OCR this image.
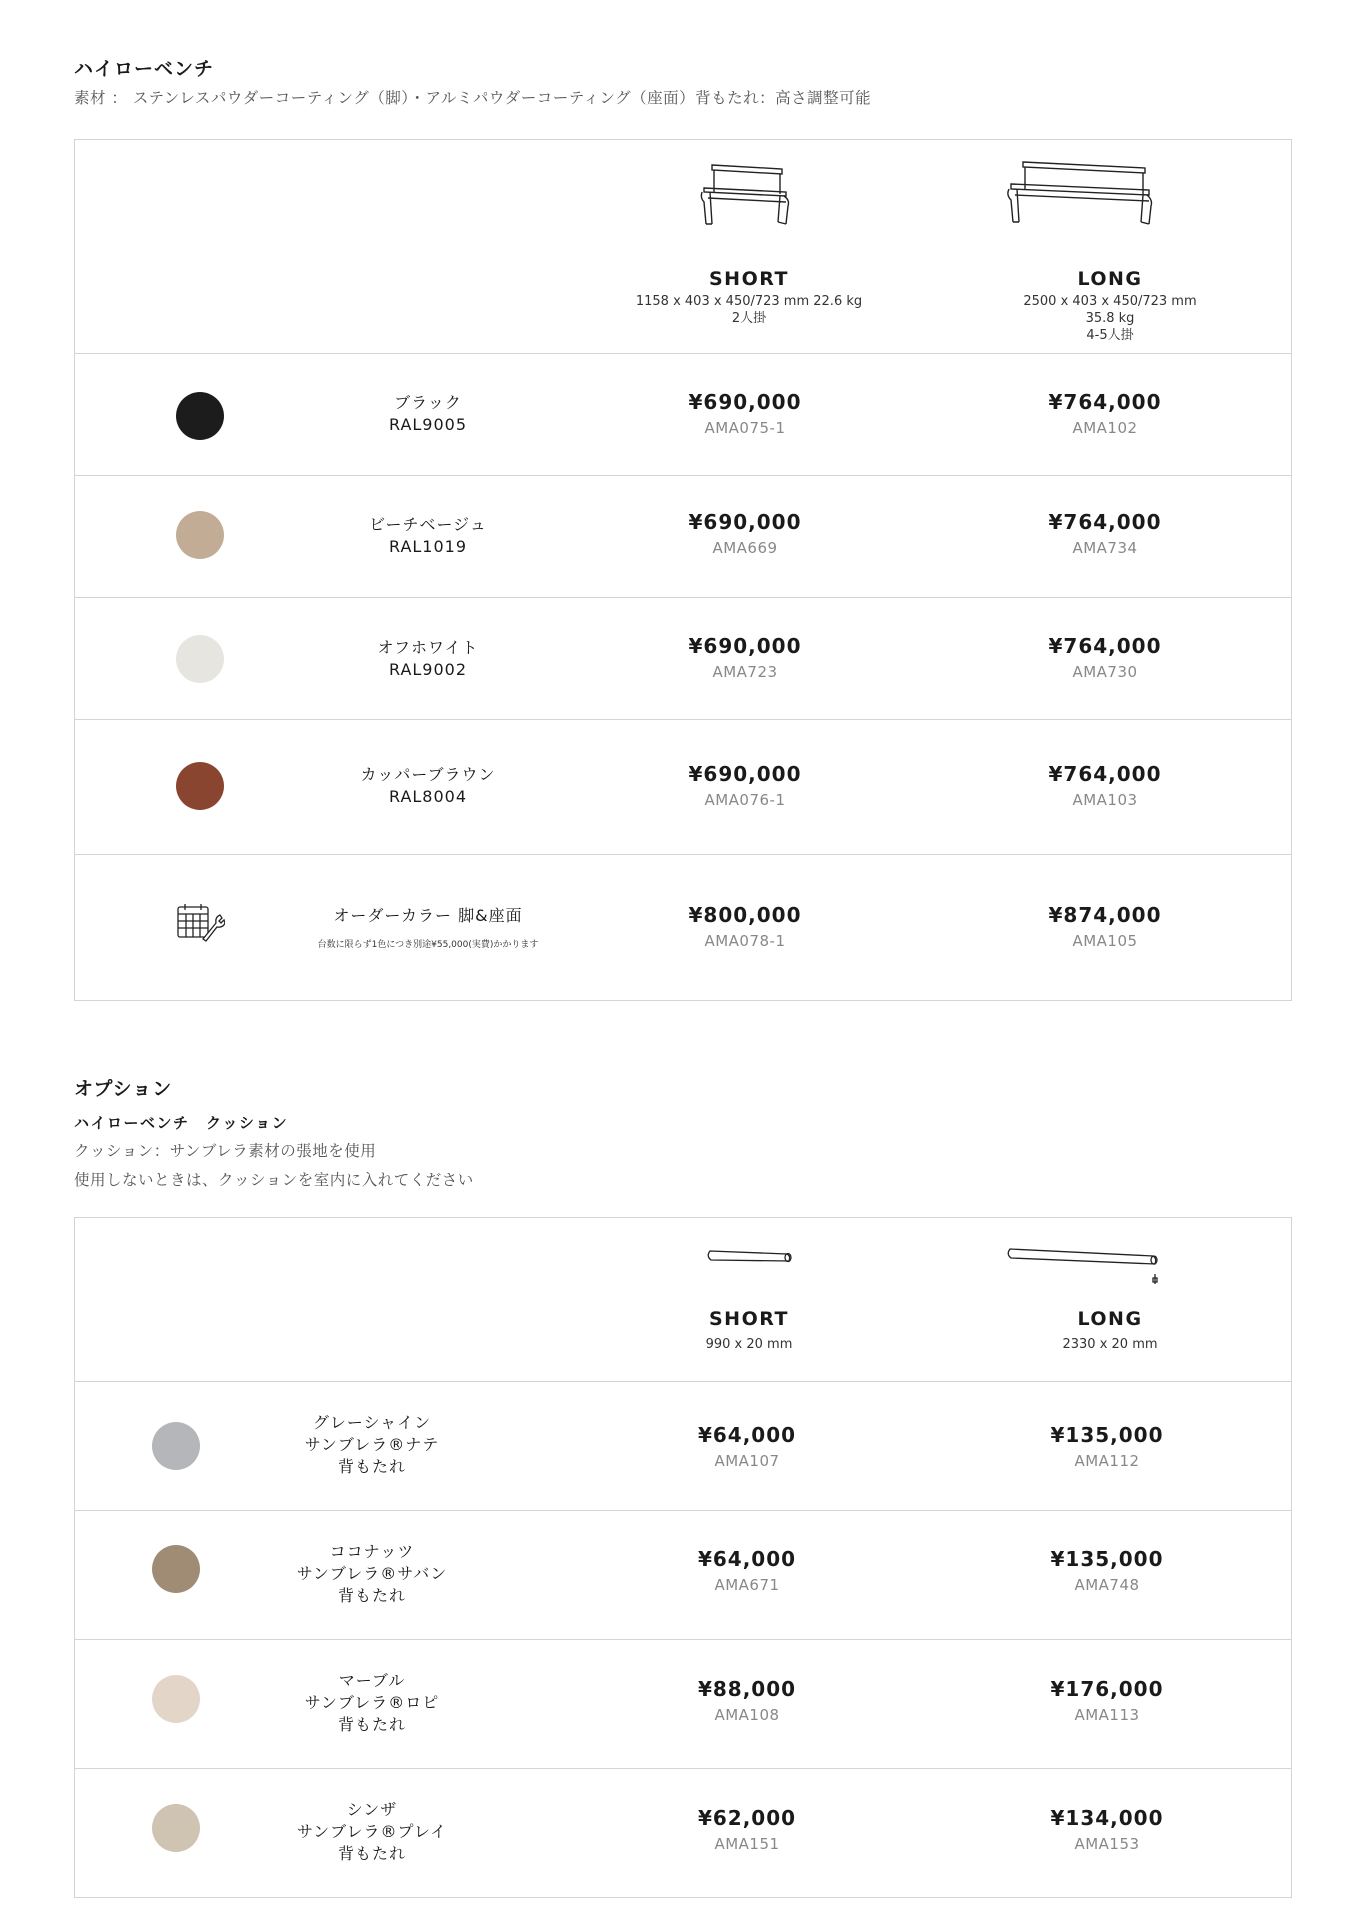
ハイローベンチ
素材 ： ステンレスパウダーコーティング（脚）・アルミパウダーコーティング（座面）背もたれ：高さ調整可能
SHORT
1158 x 403 x 450/723 mm 22.6 kg
2人掛
LONG
2500 x 403 x 450/723 mm 35.8 kg
4-5人掛
ブラック
RAL9005
¥690,000
AMA075-1
¥764,000
AMA102
ビーチベージュ
RAL1019
¥690,000
AMA669
¥764,000
AMA734
オフホワイト
RAL9002
¥690,000
AMA723
¥764,000
AMA730
カッパーブラウン
RAL8004
¥690,000
AMA076-1
¥764,000
AMA103
オーダーカラー 脚&座面
台数に限らず1色につき別途¥55,000(実費)かかります
¥800,000
AMA078-1
¥874,000
AMA105
オプション
ハイローベンチ　クッション
クッション：サンブレラ素材の張地を使用
使用しないときは、クッションを室内に入れてください
SHORT
990 x 20 mm
LONG
2330 x 20 mm
グレーシャイン
サンブレラ®ナテ
背もたれ
¥64,000
AMA107
¥135,000
AMA112
ココナッツ
サンブレラ®サバン
背もたれ
¥64,000
AMA671
¥135,000
AMA748
マーブル
サンブレラ®ロピ
背もたれ
¥88,000
AMA108
¥176,000
AMA113
シンザ
サンブレラ®プレイ
背もたれ
¥62,000
AMA151
¥134,000
AMA153
